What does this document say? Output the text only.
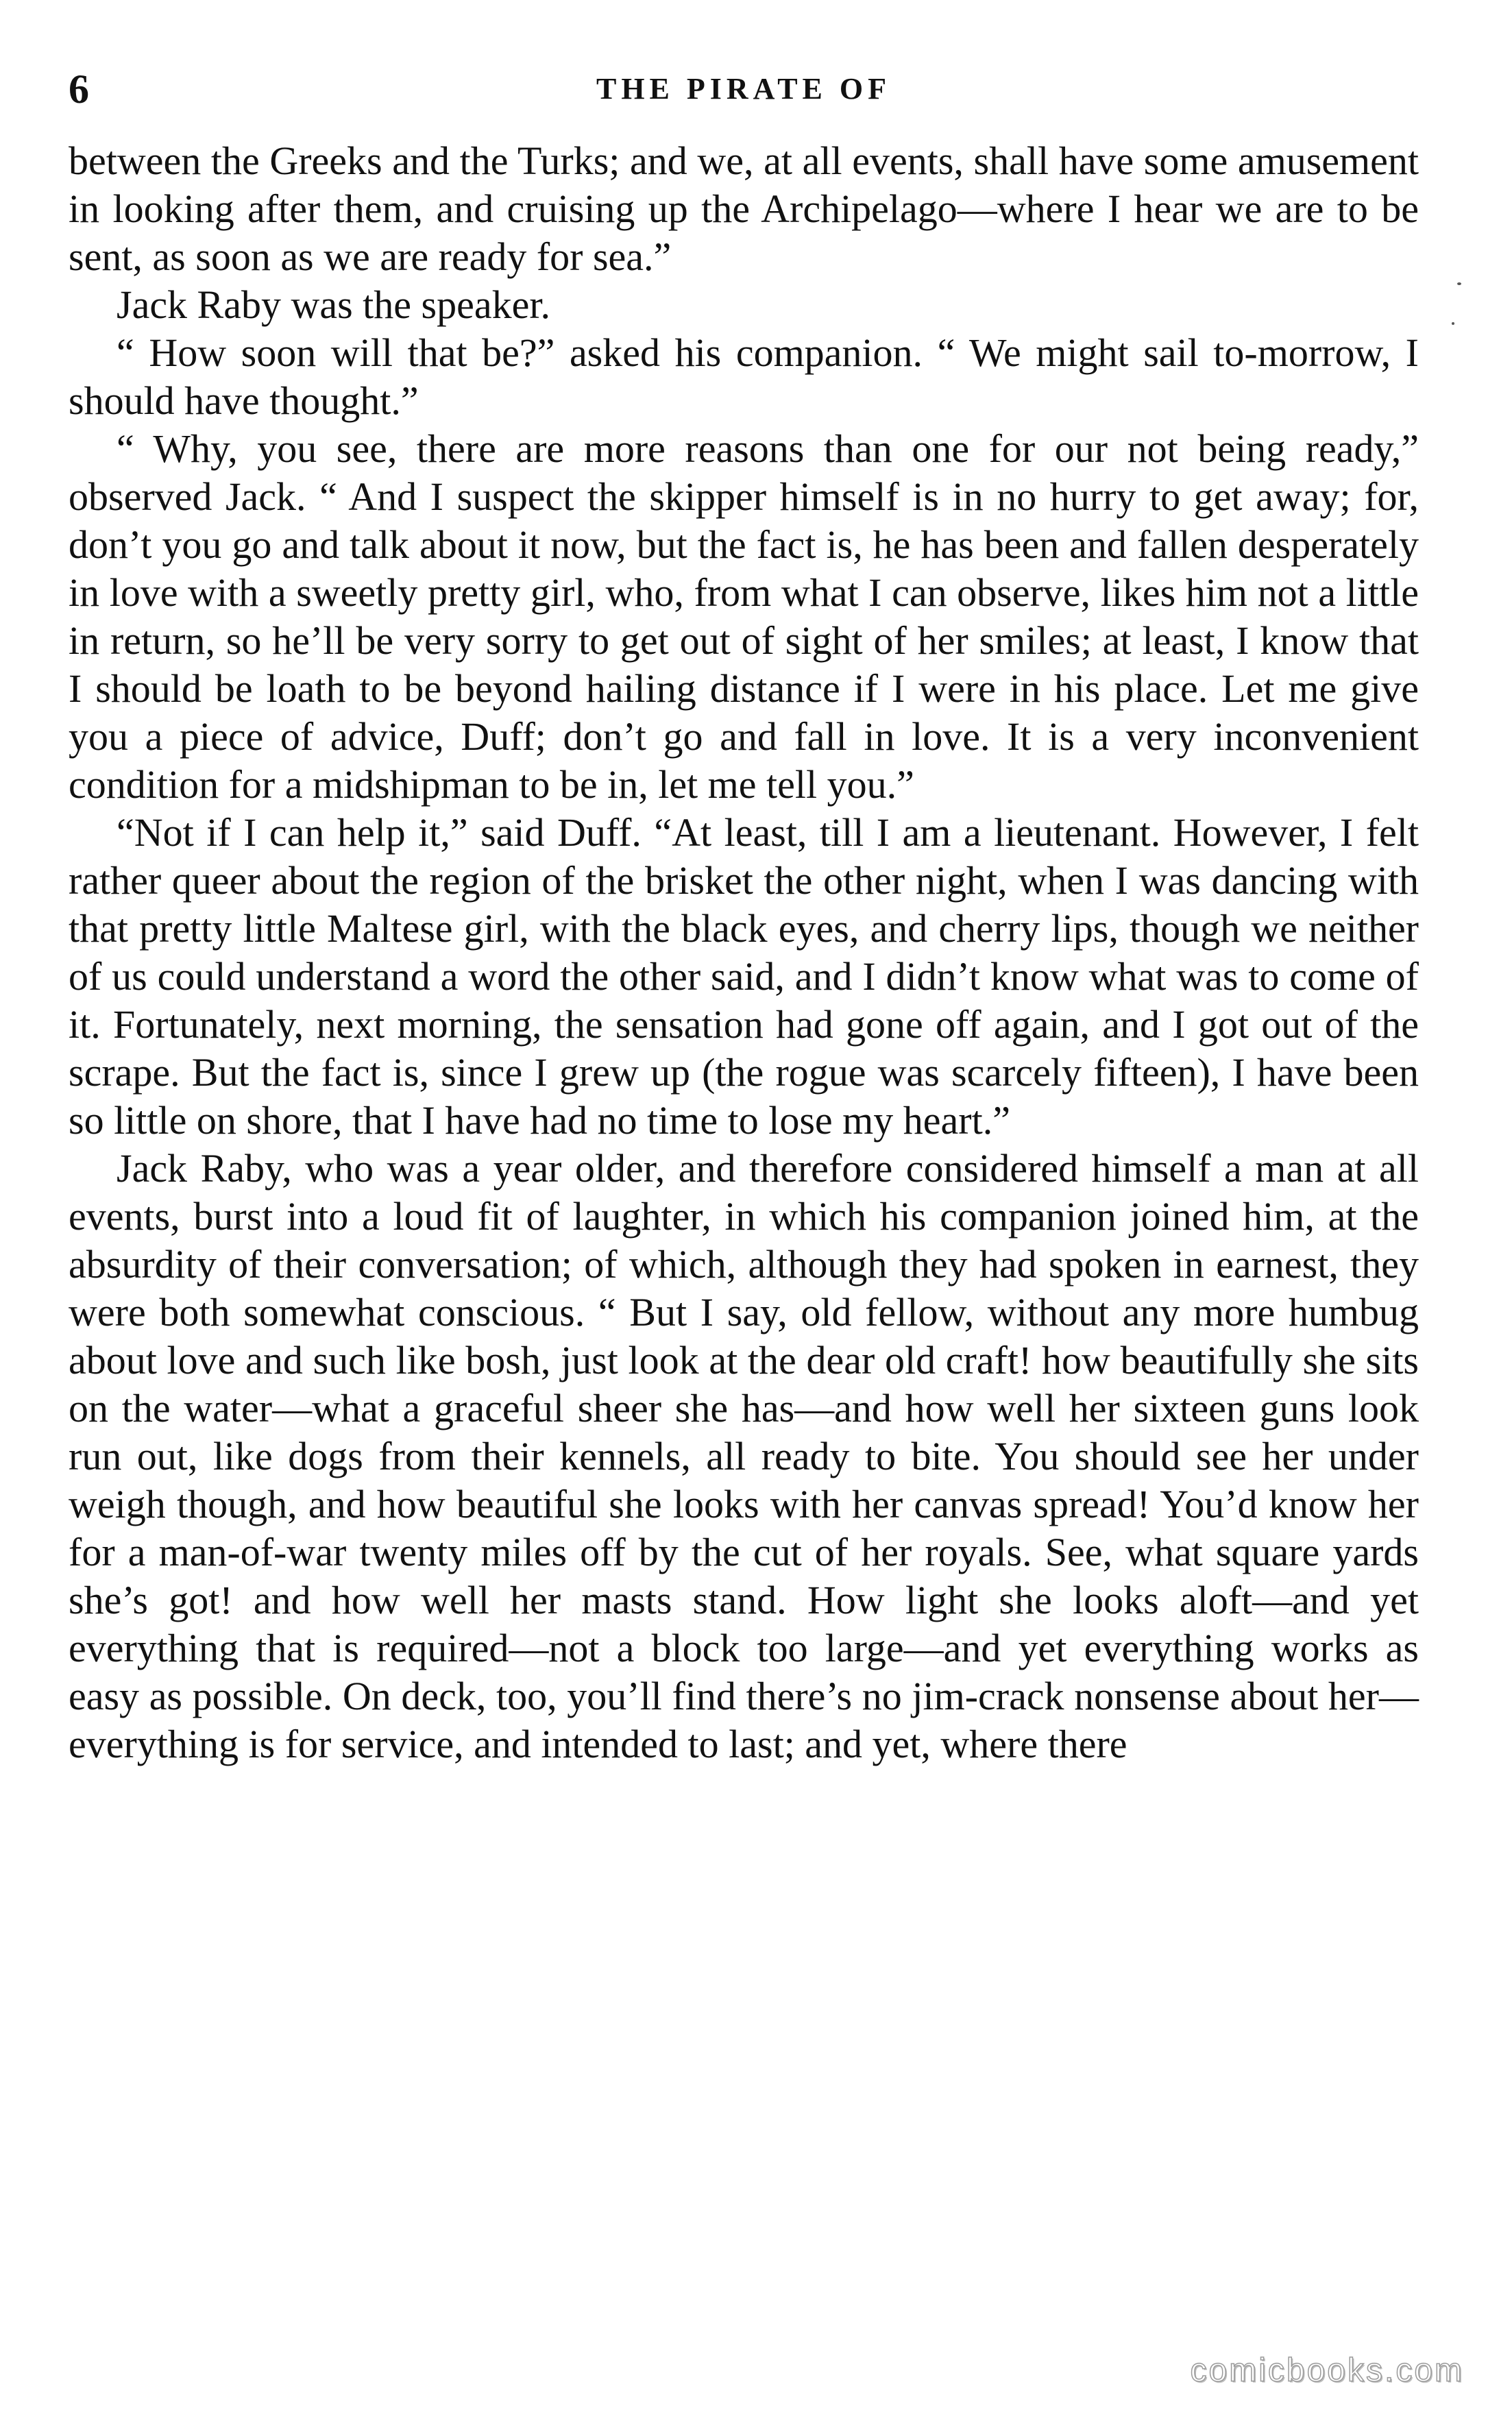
6	THE PIRATE OF

between the Greeks and the Turks; and we, at all events, shall have some amusement in looking after them, and cruising up the Archipelago—where I hear we are to be sent, as soon as we are ready for sea.”

Jack Raby was the speaker.

“ How soon will that be?” asked his companion. “ We might sail to-morrow, I should have thought.”

“ Why, you see, there are more reasons than one for our not being ready,” observed Jack. “ And I suspect the skipper himself is in no hurry to get away; for, don’t you go and talk about it now, but the fact is, he has been and fallen desperately in love with a sweetly pretty girl, who, from what I can observe, likes him not a little in return, so he’ll be very sorry to get out of sight of her smiles; at least, I know that I should be loath to be beyond hailing distance if I were in his place. Let me give you a piece of advice, Duff; don’t go and fall in love. It is a very inconvenient condition for a midshipman to be in, let me tell you.”

“Not if I can help it,” said Duff. “At least, till I am a lieutenant. However, I felt rather queer about the region of the brisket the other night, when I was dancing with that pretty little Maltese girl, with the black eyes, and cherry lips, though we neither of us could understand a word the other said, and I didn’t know what was to come of it. Fortunately, next morning, the sensation had gone off again, and I got out of the scrape. But the fact is, since I grew up (the rogue was scarcely fifteen), I have been so little on shore, that I have had no time to lose my heart.”

Jack Raby, who was a year older, and therefore considered himself a man at all events, burst into a loud fit of laughter, in which his companion joined him, at the absurdity of their conversation; of which, although they had spoken in earnest, they were both somewhat conscious. “ But I say, old fellow, without any more humbug about love and such like bosh, just look at the dear old craft! how beautifully she sits on the water—what a graceful sheer she has—and how well her sixteen guns look run out, like dogs from their kennels, all ready to bite. You should see her under weigh though, and how beautiful she looks with her canvas spread! You’d know her for a man-of-war twenty miles off by the cut of her royals. See, what square yards she’s got! and how well her masts stand. How light she looks aloft—and yet everything that is required—not a block too large—and yet everything works as easy as possible. On deck, too, you’ll find there’s no jim-crack nonsense about her—everything is for service, and intended to last; and yet, where there

comicbooks.com
